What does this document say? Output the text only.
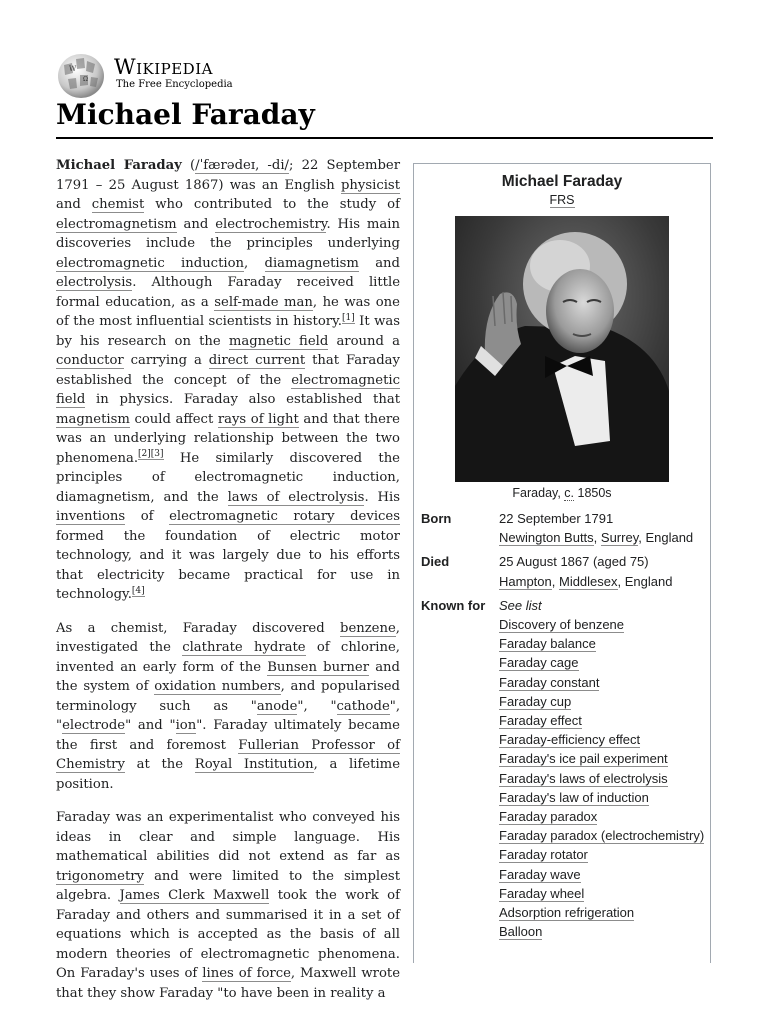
W
Ω
Wikipedia
The Free Encyclopedia
Michael Faraday

Michael Faraday (/ˈfærədeɪ, -di/; 22 September 1791 – 25 August 1867) was an English physicist and chemist who contributed to the study of electromagnetism and electrochemistry. His main discoveries include the principles underlying electromagnetic induction, diamagnetism and electrolysis. Although Faraday received little formal education, as a self-made man, he was one of the most influential scientists in history.[1] It was by his research on the magnetic field around a conductor carrying a direct current that Faraday established the concept of the electromagnetic field in physics. Faraday also established that magnetism could affect rays of light and that there was an underlying relationship between the two phenomena.[2][3] He similarly discovered the principles of electromagnetic induction, diamagnetism, and the laws of electrolysis. His inventions of electromagnetic rotary devices formed the foundation of electric motor technology, and it was largely due to his efforts that electricity became practical for use in technology.[4]

As a chemist, Faraday discovered benzene, investigated the clathrate hydrate of chlorine, invented an early form of the Bunsen burner and the system of oxidation numbers, and popularised terminology such as "anode", "cathode", "electrode" and "ion". Faraday ultimately became the first and foremost Fullerian Professor of Chemistry at the Royal Institution, a lifetime position.

Faraday was an experimentalist who conveyed his ideas in clear and simple language. His mathematical abilities did not extend as far as trigonometry and were limited to the simplest algebra. James Clerk Maxwell took the work of Faraday and others and summarised it in a set of equations which is accepted as the basis of all modern theories of electromagnetic phenomena. On Faraday's uses of lines of force, Maxwell wrote that they show Faraday "to have been in reality a

Michael Faraday
FRS
Faraday, c. 1850s
Born	22 September 1791
Newington Butts, Surrey, England
Died	25 August 1867 (aged 75)
Hampton, Middlesex, England
Known for See list
Discovery of benzene
Faraday balance
Faraday cage
Faraday constant
Faraday cup
Faraday effect
Faraday-efficiency effect
Faraday's ice pail experiment
Faraday's laws of electrolysis
Faraday's law of induction
Faraday paradox
Faraday paradox (electrochemistry)
Faraday rotator
Faraday wave
Faraday wheel
Adsorption refrigeration
Balloon
